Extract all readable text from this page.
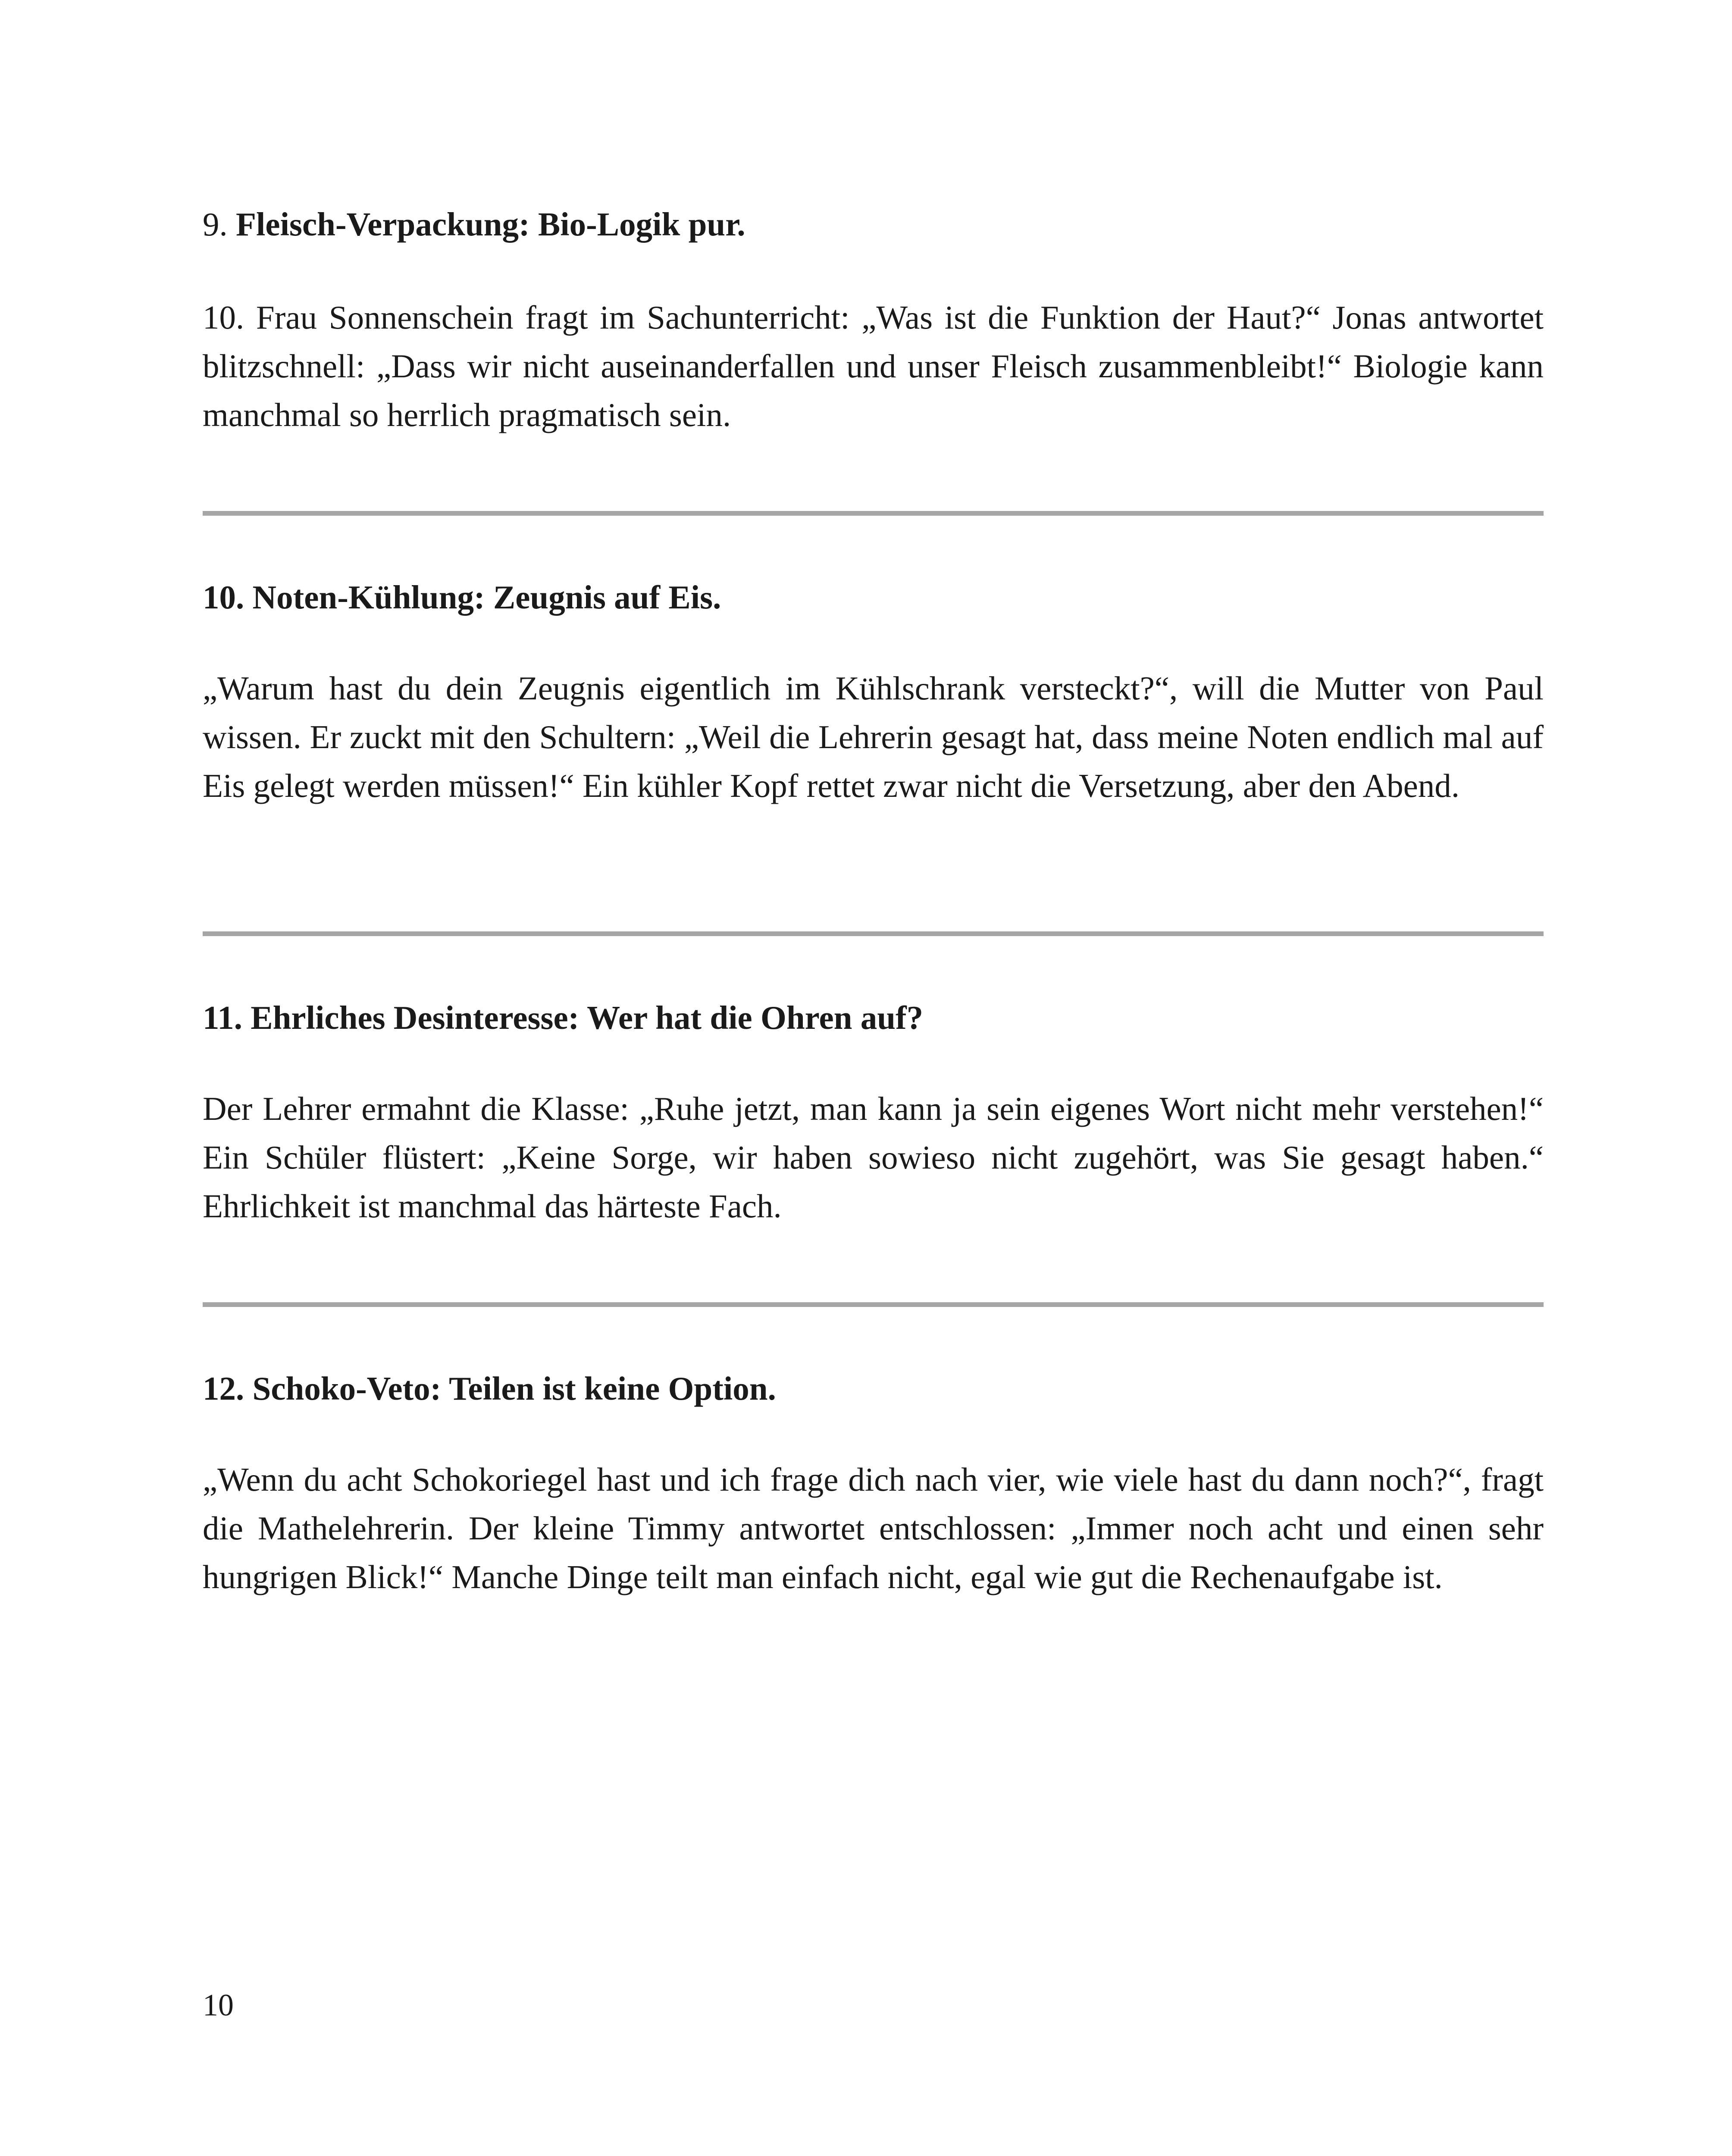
9. Fleisch-Verpackung: Bio-Logik pur.

10. Frau Sonnenschein fragt im Sachunterricht: „Was ist die Funktion der Haut?“ Jonas antwortet blitzschnell: „Dass wir nicht auseinanderfallen und unser Fleisch zusammenbleibt!“ Biologie kann manchmal so herrlich pragmatisch sein.

10. Noten-Kühlung: Zeugnis auf Eis.

„Warum hast du dein Zeugnis eigentlich im Kühlschrank versteckt?“, will die Mutter von Paul wissen. Er zuckt mit den Schultern: „Weil die Lehrerin gesagt hat, dass meine Noten endlich mal auf Eis gelegt werden müssen!“ Ein kühler Kopf rettet zwar nicht die Versetzung, aber den Abend.

11. Ehrliches Desinteresse: Wer hat die Ohren auf?

Der Lehrer ermahnt die Klasse: „Ruhe jetzt, man kann ja sein eigenes Wort nicht mehr verstehen!“ Ein Schüler flüstert: „Keine Sorge, wir haben sowieso nicht zugehört, was Sie gesagt haben.“ Ehrlichkeit ist manchmal das härteste Fach.

12. Schoko-Veto: Teilen ist keine Option.

„Wenn du acht Schokoriegel hast und ich frage dich nach vier, wie viele hast du dann noch?“, fragt die Mathelehrerin. Der kleine Timmy antwortet entschlossen: „Immer noch acht und einen sehr hungrigen Blick!“ Manche Dinge teilt man einfach nicht, egal wie gut die Rechenaufgabe ist.

10
